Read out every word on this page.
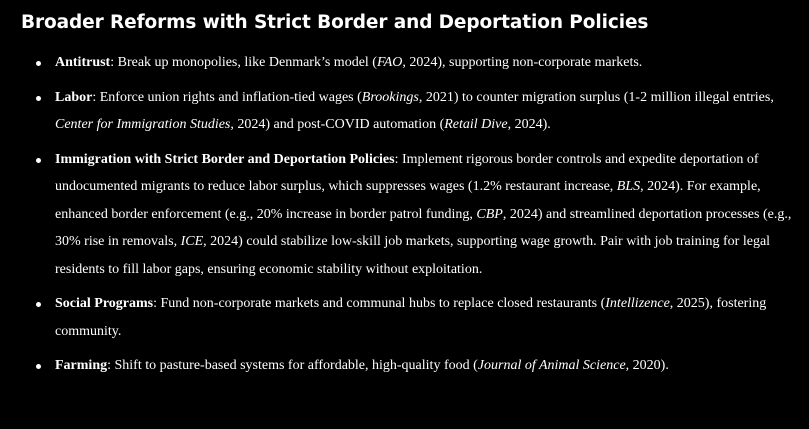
Broader Reforms with Strict Border and Deportation Policies
Antitrust: Break up monopolies, like Denmark’s model (FAO, 2024), supporting non-corporate markets.
Labor: Enforce union rights and inflation-tied wages (Brookings, 2021) to counter migration surplus (1-2 million illegal entries, Center for Immigration Studies, 2024) and post-COVID automation (Retail Dive, 2024).
Immigration with Strict Border and Deportation Policies: Implement rigorous border controls and expedite deportation of undocumented migrants to reduce labor surplus, which suppresses wages (1.2% restaurant increase, BLS, 2024). For example, enhanced border enforcement (e.g., 20% increase in border patrol funding, CBP, 2024) and streamlined deportation processes (e.g., 30% rise in removals, ICE, 2024) could stabilize low-skill job markets, supporting wage growth. Pair with job training for legal residents to fill labor gaps, ensuring economic stability without exploitation.
Social Programs: Fund non-corporate markets and communal hubs to replace closed restaurants (Intellizence, 2025), fostering community.
Farming: Shift to pasture-based systems for affordable, high-quality food (Journal of Animal Science, 2020).
